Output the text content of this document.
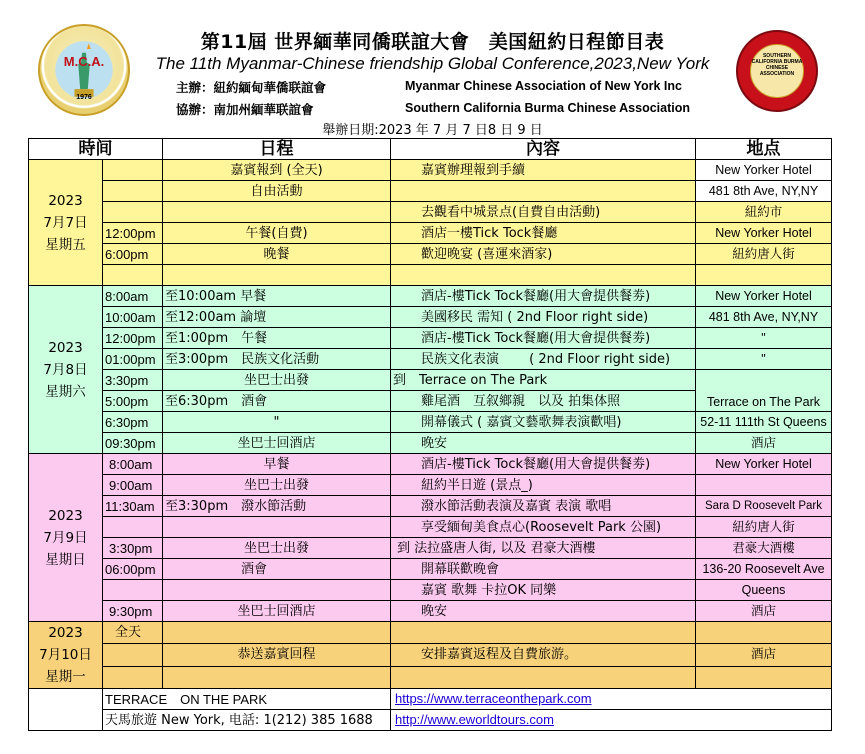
M.C.A.
1976
SOUTHERN CALIFORNIA BURMA CHINESE ASSOCIATION
第11屆 世界緬華同僑联誼大會　美国紐約日程節目表
The 11th Myanmar-Chinese friendship Global Conference,2023,New York
主辦：紐約緬甸華僑联誼會	Myanmar Chinese Association of New York Inc
協辦：南加州緬華联誼會	Southern California Burma Chinese Association
舉辦日期:2023 年 7 月 7 日8 日 9 日
時间		日程	內容	地点

2023
7月7日
星期五		嘉賓報到 (全天)	嘉賓辦理報到手續	New Yorker Hotel
		自由活動		481 8th Ave, NY,NY
			去觀看中城景点(自費自由活動)	紐約市
	12:00pm	午餐(自費)	酒店一樓Tick Tock餐廳	New Yorker Hotel
	6:00pm	晚餐	歡迎晚宴 (喜運來酒家)	紐約唐人街

2023
7月8日
星期六	8:00am	至10:00am 早餐	酒店-樓Tick Tock餐廳(用大會提供餐劵)	New Yorker Hotel
	10:00am	至12:00am 論壇	美國移民 需知 ( 2nd Floor right side)	481 8th Ave, NY,NY
	12:00pm	至1:00pm　午餐	酒店-樓Tick Tock餐廳(用大會提供餐劵)	"
	01:00pm	至3:00pm　民族文化活動	民族文化表演　　 ( 2nd Floor right side)	"
	3:30pm	坐巴士出發	到　Terrace on The Park	Terrace on The Park
	5:00pm	至6:30pm　酒會	雞尾酒　互叙鄉親　以及 拍集体照	
	6:30pm	"	開幕儀式 ( 嘉賓文藝歌舞表演歡唱)	52-11 111th St Queens
	09:30pm	坐巴士回酒店	晚安	酒店

2023
7月9日
星期日	8:00am	早餐	酒店-樓Tick Tock餐廳(用大會提供餐劵)	New Yorker Hotel
	9:00am	坐巴士出發	紐約半日遊 (景点_)	
	11:30am	至3:30pm　潑水節活動	潑水節活動表演及嘉賓 表演 歌唱	Sara D Roosevelt Park
			享受緬甸美食点心(Roosevelt Park 公園)	紐約唐人街
	3:30pm	坐巴士出發	到 法拉盛唐人街, 以及 君豪大酒樓	君豪大酒樓
	06:00pm	酒會	開幕联歡晚會	136-20 Roosevelt Ave
			嘉賓 歌舞 卡拉OK 同樂	Queens
	9:30pm	坐巴士回酒店	晚安	酒店

2023
7月10日
星期一	全天			
		恭送嘉賓回程	安排嘉賓返程及自費旅游。	酒店

	TERRACE　ON THE PARK		https://www.terraceonthepark.com	
	天馬旅遊 New York, 电話: 1(212) 385 1688		http://www.eworldtours.com	
